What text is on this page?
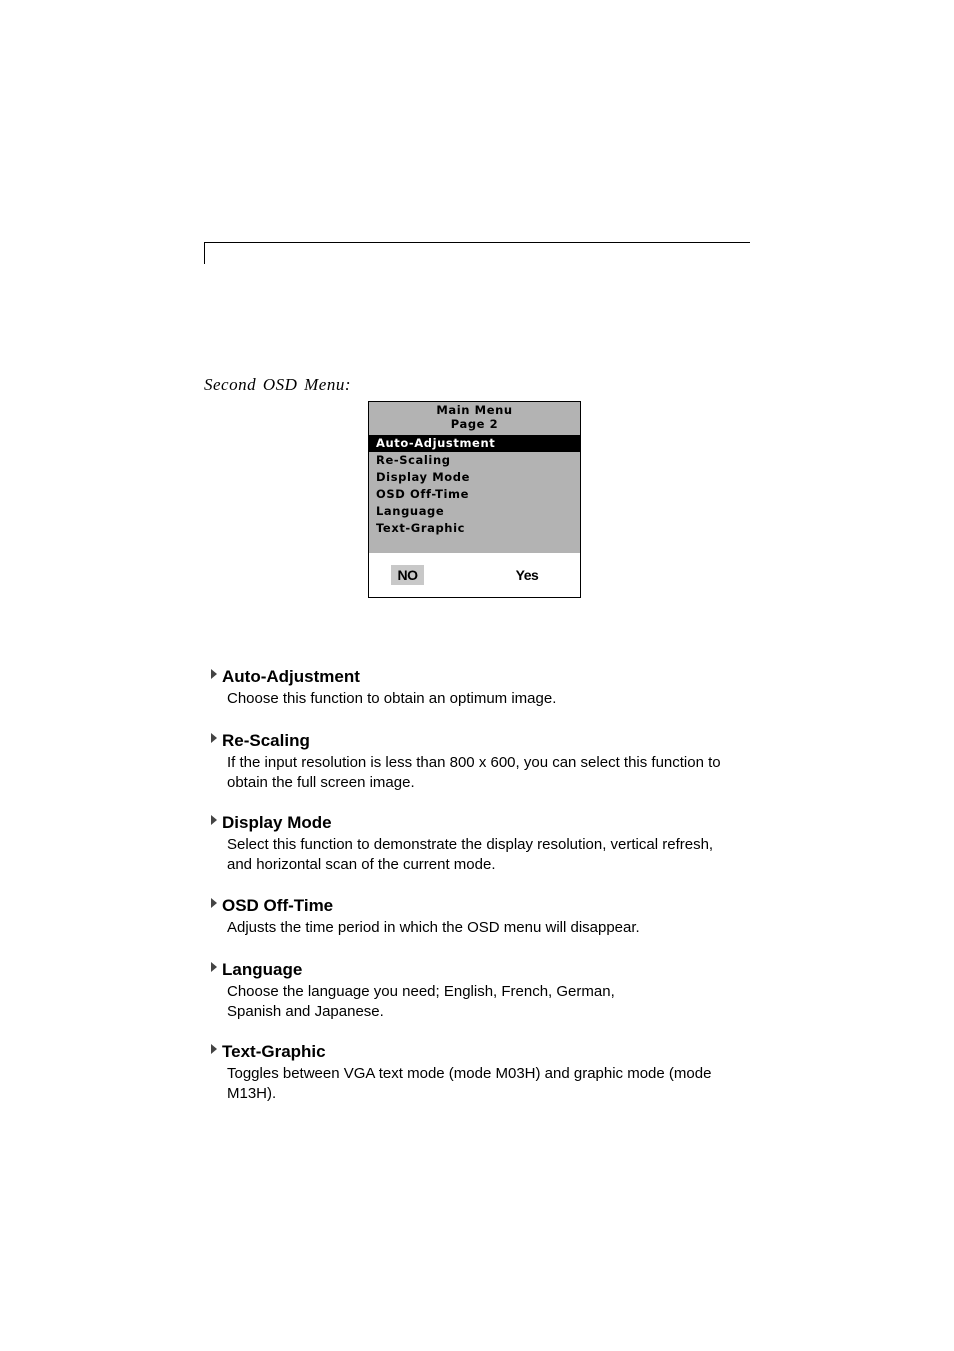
Second OSD Menu:
Main Menu
Page 2
Auto-Adjustment
Re-Scaling
Display Mode
OSD Off-Time
Language
Text-Graphic
NO	Yes
Auto-Adjustment
Choose this function to obtain an optimum image.
Re-Scaling
If the input resolution is less than 800 x 600, you can select this function to
obtain the full screen image.
Display Mode
Select this function to demonstrate the display resolution, vertical refresh,
and horizontal scan of the current mode.
OSD Off-Time
Adjusts the time period in which the OSD menu will disappear.
Language
Choose the language you need; English, French, German,
Spanish and Japanese.
Text-Graphic
Toggles between VGA text mode (mode M03H) and graphic mode (mode
M13H).
